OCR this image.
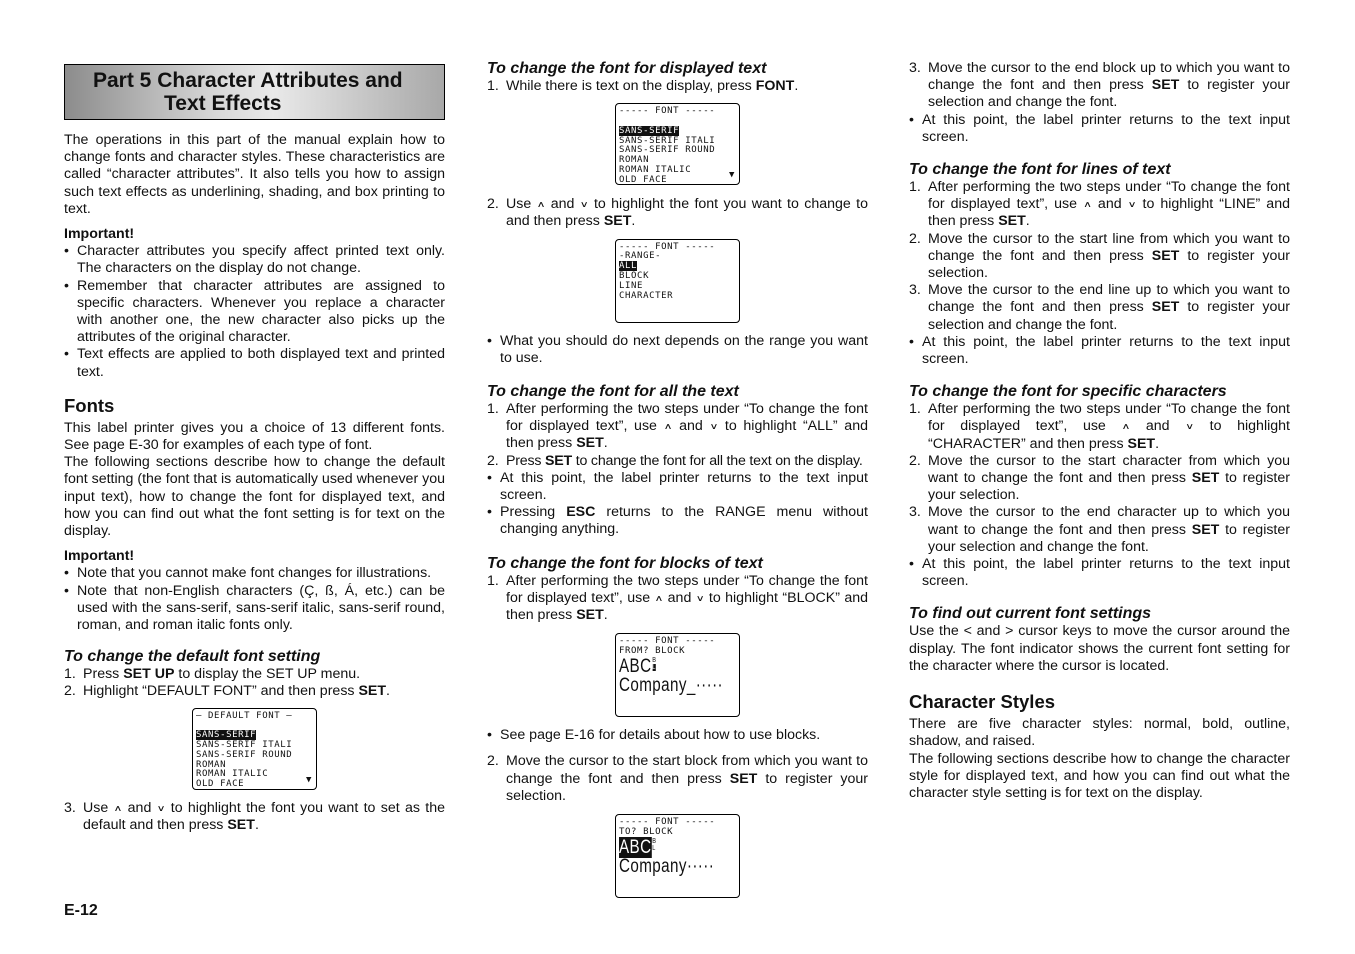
Part 5 Character Attributes and
Text Effects

The operations in this part of the manual explain how to change fonts and character styles. These characteristics are called “character attributes”. It also tells you how to assign such text effects as underlining, shading, and box printing to text.

Important!
• Character attributes you specify affect printed text only. The characters on the display do not change.
• Remember that character attributes are assigned to specific characters. Whenever you replace a character with another one, the new character also picks up the attributes of the original character.
• Text effects are applied to both displayed text and printed text.
Fonts

This label printer gives you a choice of 13 different fonts. See page E-30 for examples of each type of font.

The following sections describe how to change the default font setting (the font that is automatically used whenever you input text), how to change the font for displayed text, and how you can find out what the font setting is for text on the display.

Important!
• Note that you cannot make font changes for illustrations.
• Note that non-English characters (Ç, ß, Á, etc.) can be used with the sans-serif, sans-serif italic, sans-serif round, roman, and roman italic fonts only.
To change the default font setting
1. Press SET UP to display the SET UP menu.
2. Highlight “DEFAULT FONT” and then press SET.
— DEFAULT FONT —

SANS-SERIF
SANS-SERIF ITALI
SANS-SERIF ROUND
ROMAN
ROMAN ITALIC
OLD FACE	▼
3. Use ∧ and ∨ to highlight the font you want to set as the default and then press SET.
To change the font for displayed text
1. While there is text on the display, press FONT.
----- FONT -----

SANS-SERIF
SANS-SERIF ITALI
SANS-SERIF ROUND
ROMAN
ROMAN ITALIC
OLD FACE	▼
2. Use ∧ and ∨ to highlight the font you want to change to and then press SET.
----- FONT -----
-RANGE-
ALL
BLOCK
LINE
CHARACTER
• What you should do next depends on the range you want to use.
To change the font for all the text
1. After performing the two steps under “To change the font for displayed text”, use ∧ and ∨ to highlight “ALL” and then press SET.
2. Press SET to change the font for all the text on the display.
• At this point, the label printer returns to the text input screen.
• Pressing ESC returns to the RANGE menu without changing anything.
To change the font for blocks of text
1. After performing the two steps under “To change the font for displayed text”, use ∧ and ∨ to highlight “BLOCK” and then press SET.
----- FONT -----
FROM? BLOCK

ABCB
L
Company_·····
• See page E-16 for details about how to use blocks.
2. Move the cursor to the start block from which you want to change the font and then press SET to register your selection.
----- FONT -----
TO? BLOCK

ABCB
L
Company·····
3. Move the cursor to the end block up to which you want to change the font and then press SET to register your selection and change the font.
• At this point, the label printer returns to the text input screen.
To change the font for lines of text
1. After performing the two steps under “To change the font for displayed text”, use ∧ and ∨ to highlight “LINE” and then press SET.
2. Move the cursor to the start line from which you want to change the font and then press SET to register your selection.
3. Move the cursor to the end line up to which you want to change the font and then press SET to register your selection and change the font.
• At this point, the label printer returns to the text input screen.
To change the font for specific characters
1. After performing the two steps under “To change the font for displayed text”, use ∧ and ∨ to highlight “CHARACTER” and then press SET.
2. Move the cursor to the start character from which you want to change the font and then press SET to register your selection.
3. Move the cursor to the end character up to which you want to change the font and then press SET to register your selection and change the font.
• At this point, the label printer returns to the text input screen.
To find out current font settings

Use the < and > cursor keys to move the cursor around the display. The font indicator shows the current font setting for the character where the cursor is located.

Character Styles

There are five character styles: normal, bold, outline, shadow, and raised.

The following sections describe how to change the character style for displayed text, and how you can find out what the character style setting is for text on the display.

E-12
